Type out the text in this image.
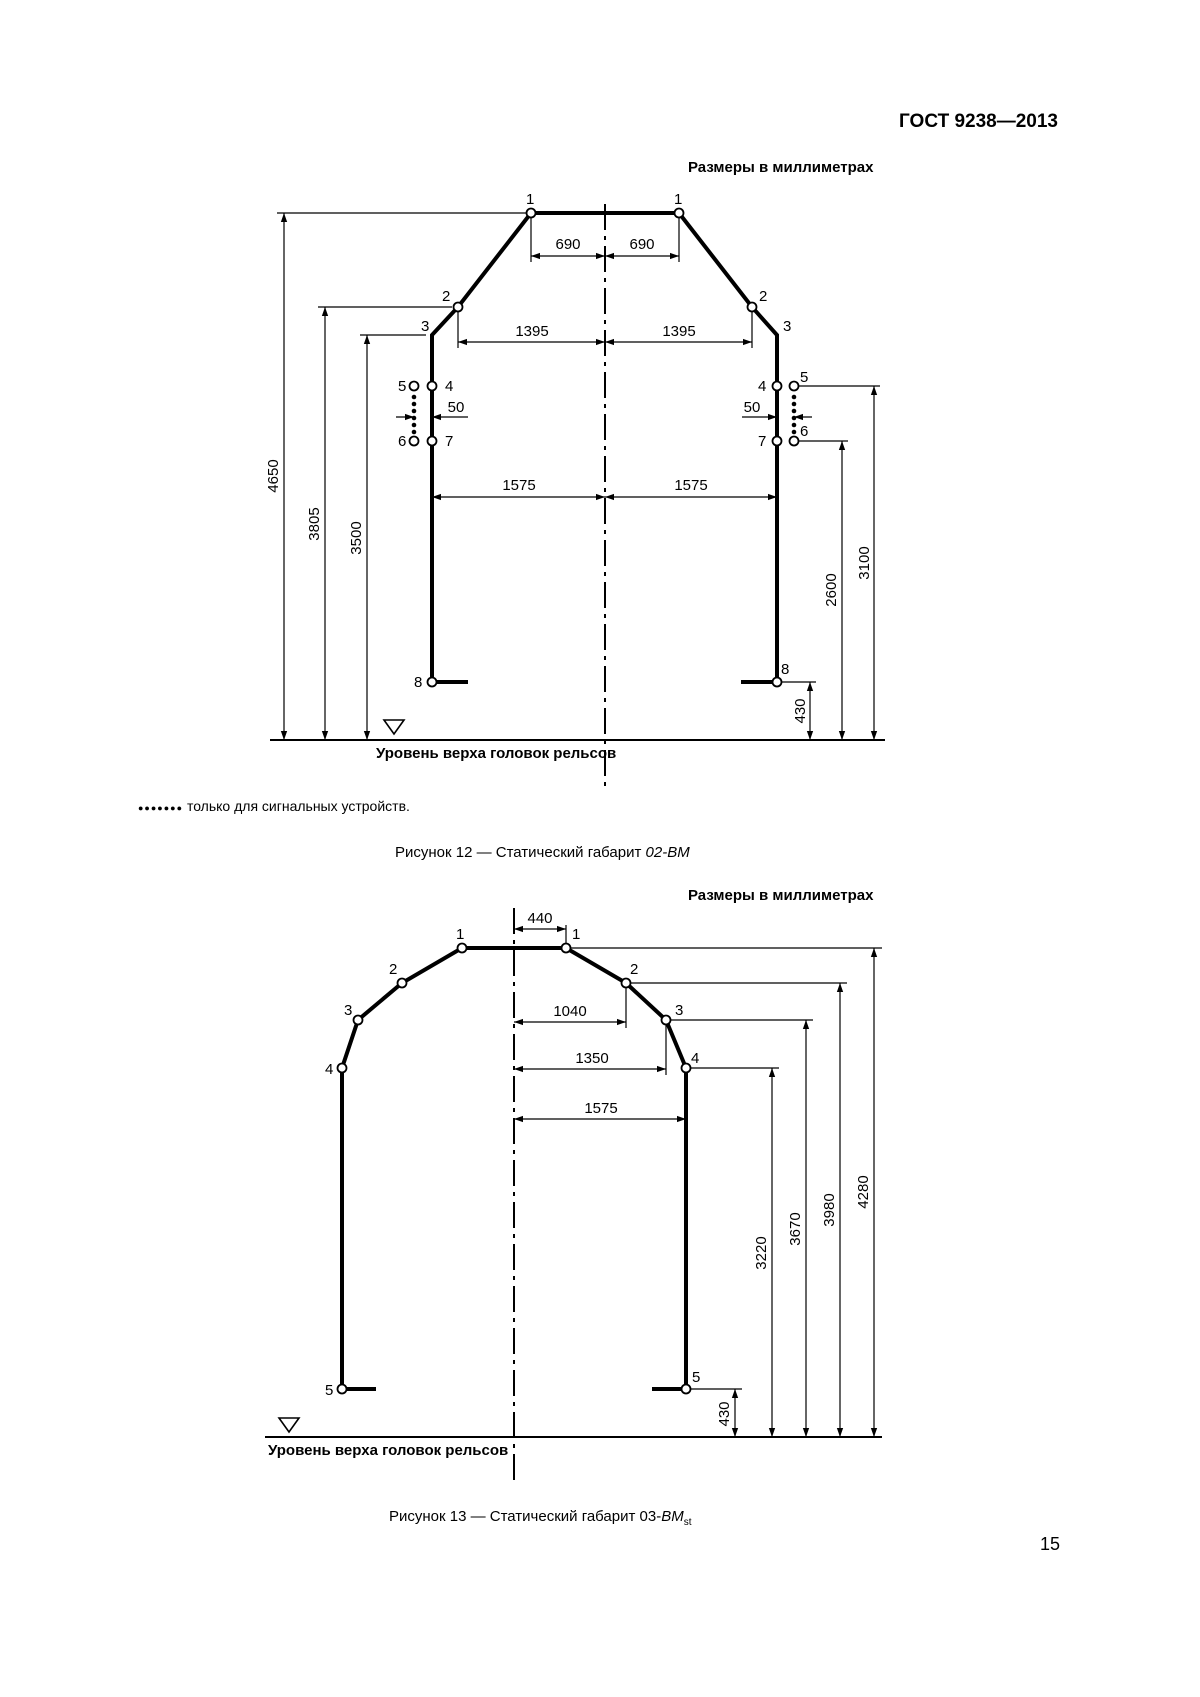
ГОСТ 9238—2013
Размеры в миллиметрах
1	1
2	2
3	3
4	4
5
5
6
6
7	7
8
8
690	690
1395	1395
50	50
1575	1575
4650
3805 3500
3100
2600
430
Уровень верха головок рельсов
●●●●●●● только для сигнальных устройств.
Рисунок 12 — Статический габарит 02-ВМ
Размеры в миллиметрах
1	1
2	2
3	3
4
4
5
5
440
1040
1350
1575
4280
3980
3670
3220
430
Уровень верха головок рельсов
Рисунок 13 — Статический габарит $03-ВМ_{st}$
15
